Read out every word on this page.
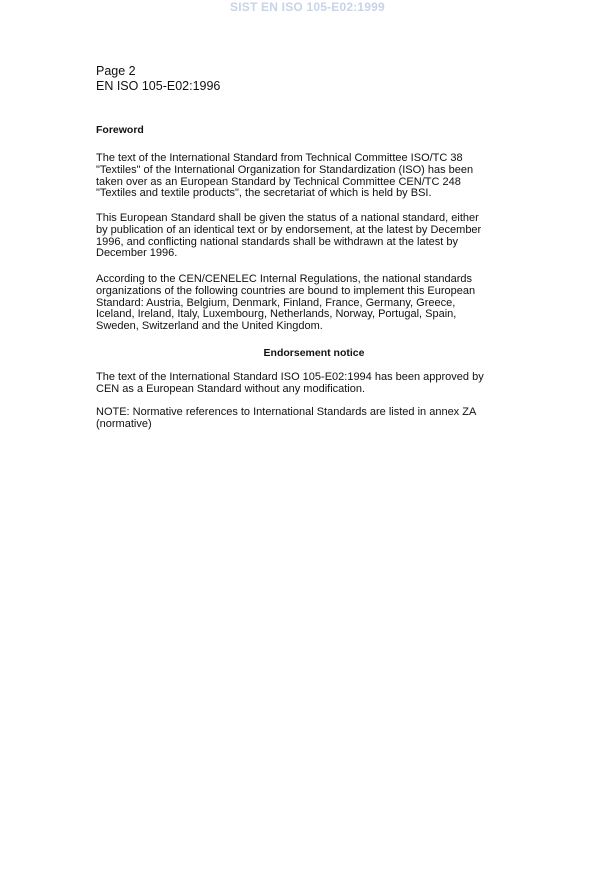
SIST EN ISO 105-E02:1999
Page 2
EN ISO 105-E02:1996
Foreword
The text of the International Standard from Technical Committee ISO/TC 38
"Textiles" of the International Organization for Standardization (ISO) has been
taken over as an European Standard by Technical Committee CEN/TC 248
"Textiles and textile products", the secretariat of which is held by BSI.
This European Standard shall be given the status of a national standard, either
by publication of an identical text or by endorsement, at the latest by December
1996, and conflicting national standards shall be withdrawn at the latest by
December 1996.
According to the CEN/CENELEC Internal Regulations, the national standards
organizations of the following countries are bound to implement this European
Standard: Austria, Belgium, Denmark, Finland, France, Germany, Greece,
Iceland, Ireland, Italy, Luxembourg, Netherlands, Norway, Portugal, Spain,
Sweden, Switzerland and the United Kingdom.
Endorsement notice
The text of the International Standard ISO 105-E02:1994 has been approved by
CEN as a European Standard without any modification.
NOTE: Normative references to International Standards are listed in annex ZA
(normative)
